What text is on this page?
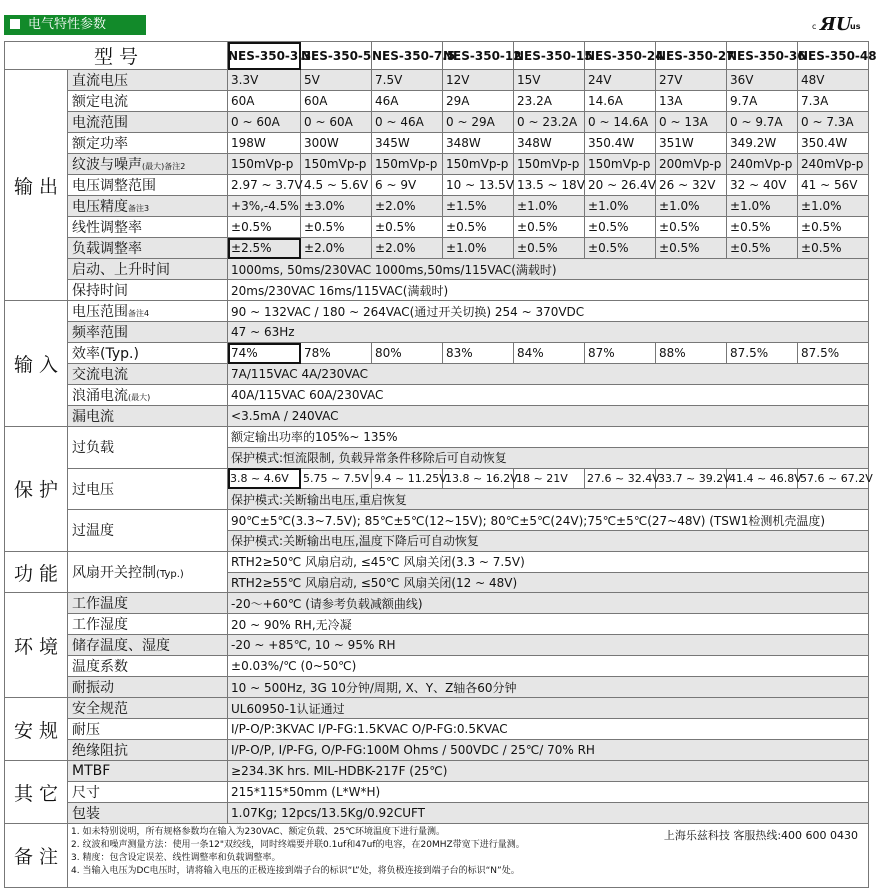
电气特性参数	c ЯU
us
型 号		NES-350-3.3	NES-350-5	NES-350-7.5	NES-350-12	NES-350-15	NES-350-24	NES-350-27	NES-350-36	NES-350-48
输 出	直流电压	3.3V	5V	7.5V	12V	15V	24V	27V	36V	48V
	额定电流	60A	60A	46A	29A	23.2A	14.6A	13A	9.7A	7.3A
	电流范围	0 ~ 60A	0 ~ 60A	0 ~ 46A	0 ~ 29A	0 ~ 23.2A	0 ~ 14.6A	0 ~ 13A	0 ~ 9.7A	0 ~ 7.3A
	额定功率	198W	300W	345W	348W	348W	350.4W	351W	349.2W	350.4W
	纹波与噪声(最大)备注2	150mVp-p	150mVp-p	150mVp-p	150mVp-p	150mVp-p	150mVp-p	200mVp-p	240mVp-p	240mVp-p
	电压调整范围	2.97 ~ 3.7V	4.5 ~ 5.6V	6 ~ 9V	10 ~ 13.5V	13.5 ~ 18V	20 ~ 26.4V	26 ~ 32V	32 ~ 40V	41 ~ 56V
	电压精度备注3	+3%,-4.5%	±3.0%	±2.0%	±1.5%	±1.0%	±1.0%	±1.0%	±1.0%	±1.0%
	线性调整率	±0.5%	±0.5%	±0.5%	±0.5%	±0.5%	±0.5%	±0.5%	±0.5%	±0.5%
	负载调整率	±2.5%	±2.0%	±2.0%	±1.0%	±0.5%	±0.5%	±0.5%	±0.5%	±0.5%
	启动、上升时间	1000ms, 50ms/230VAC 1000ms,50ms/115VAC(满载时)								
	保持时间	20ms/230VAC 16ms/115VAC(满载时)								
输 入	电压范围备注4	90 ~ 132VAC / 180 ~ 264VAC(通过开关切换) 254 ~ 370VDC								
	频率范围	47 ~ 63Hz								
	效率(Typ.)	74%	78%	80%	83%	84%	87%	88%	87.5%	87.5%
	交流电流	7A/115VAC 4A/230VAC								
	浪涌电流(最大)	40A/115VAC 60A/230VAC								
	漏电流	<3.5mA / 240VAC								
保 护	过负载	额定输出功率的105%~ 135%								
		保护模式:恒流限制, 负载异常条件移除后可自动恢复								
	过电压	3.8 ~ 4.6V	5.75 ~ 7.5V	9.4 ~ 11.25V	13.8 ~ 16.2V	18 ~ 21V	27.6 ~ 32.4V	33.7 ~ 39.2V	41.4 ~ 46.8V	57.6 ~ 67.2V
		保护模式:关断输出电压,重启恢复								
	过温度	90℃±5℃(3.3~7.5V); 85℃±5℃(12~15V); 80℃±5℃(24V);75℃±5℃(27~48V) (TSW1检测机壳温度)								
		保护模式:关断输出电压,温度下降后可自动恢复								
功 能	风扇开关控制(Typ.)	RTH2≥50℃ 风扇启动, ≤45℃ 风扇关闭(3.3 ~ 7.5V)								
		RTH2≥55℃ 风扇启动, ≤50℃ 风扇关闭(12 ~ 48V)								
环 境	工作温度	-20～+60℃ (请参考负载减额曲线)								
	工作湿度	20 ~ 90% RH,无冷凝								
	储存温度、湿度	-20 ~ +85℃, 10 ~ 95% RH								
	温度系数	±0.03%/℃ (0~50℃)								
	耐振动	10 ~ 500Hz, 3G 10分钟/周期, X、Y、Z轴各60分钟								
安 规	安全规范	UL60950-1认证通过								
	耐压	I/P-O/P:3KVAC I/P-FG:1.5KVAC O/P-FG:0.5KVAC								
	绝缘阻抗	I/P-O/P, I/P-FG, O/P-FG:100M Ohms / 500VDC / 25℃/ 70% RH								
其 它	MTBF	≥234.3K hrs. MIL-HDBK-217F (25℃)								
	尺寸	215*115*50mm (L*W*H)								
	包装	1.07Kg; 12pcs/13.5Kg/0.92CUFT								
备 注	1. 如未特别说明，所有规格参数均在输入为230VAC、额定负载、25℃环境温度下进行量测。
2. 纹波和噪声测量方法：使用一条12"双绞线，同时终端要并联0.1uf和47uf的电容，在20MHZ带宽下进行量测。
3. 精度：包含设定误差、线性调整率和负载调整率。
4. 当输入电压为DC电压时，请将输入电压的正极连接到端子台的标识“L”处，将负极连接到端子台的标识“N”处。
上海乐兹科技 客服热线:400 600 0430									
